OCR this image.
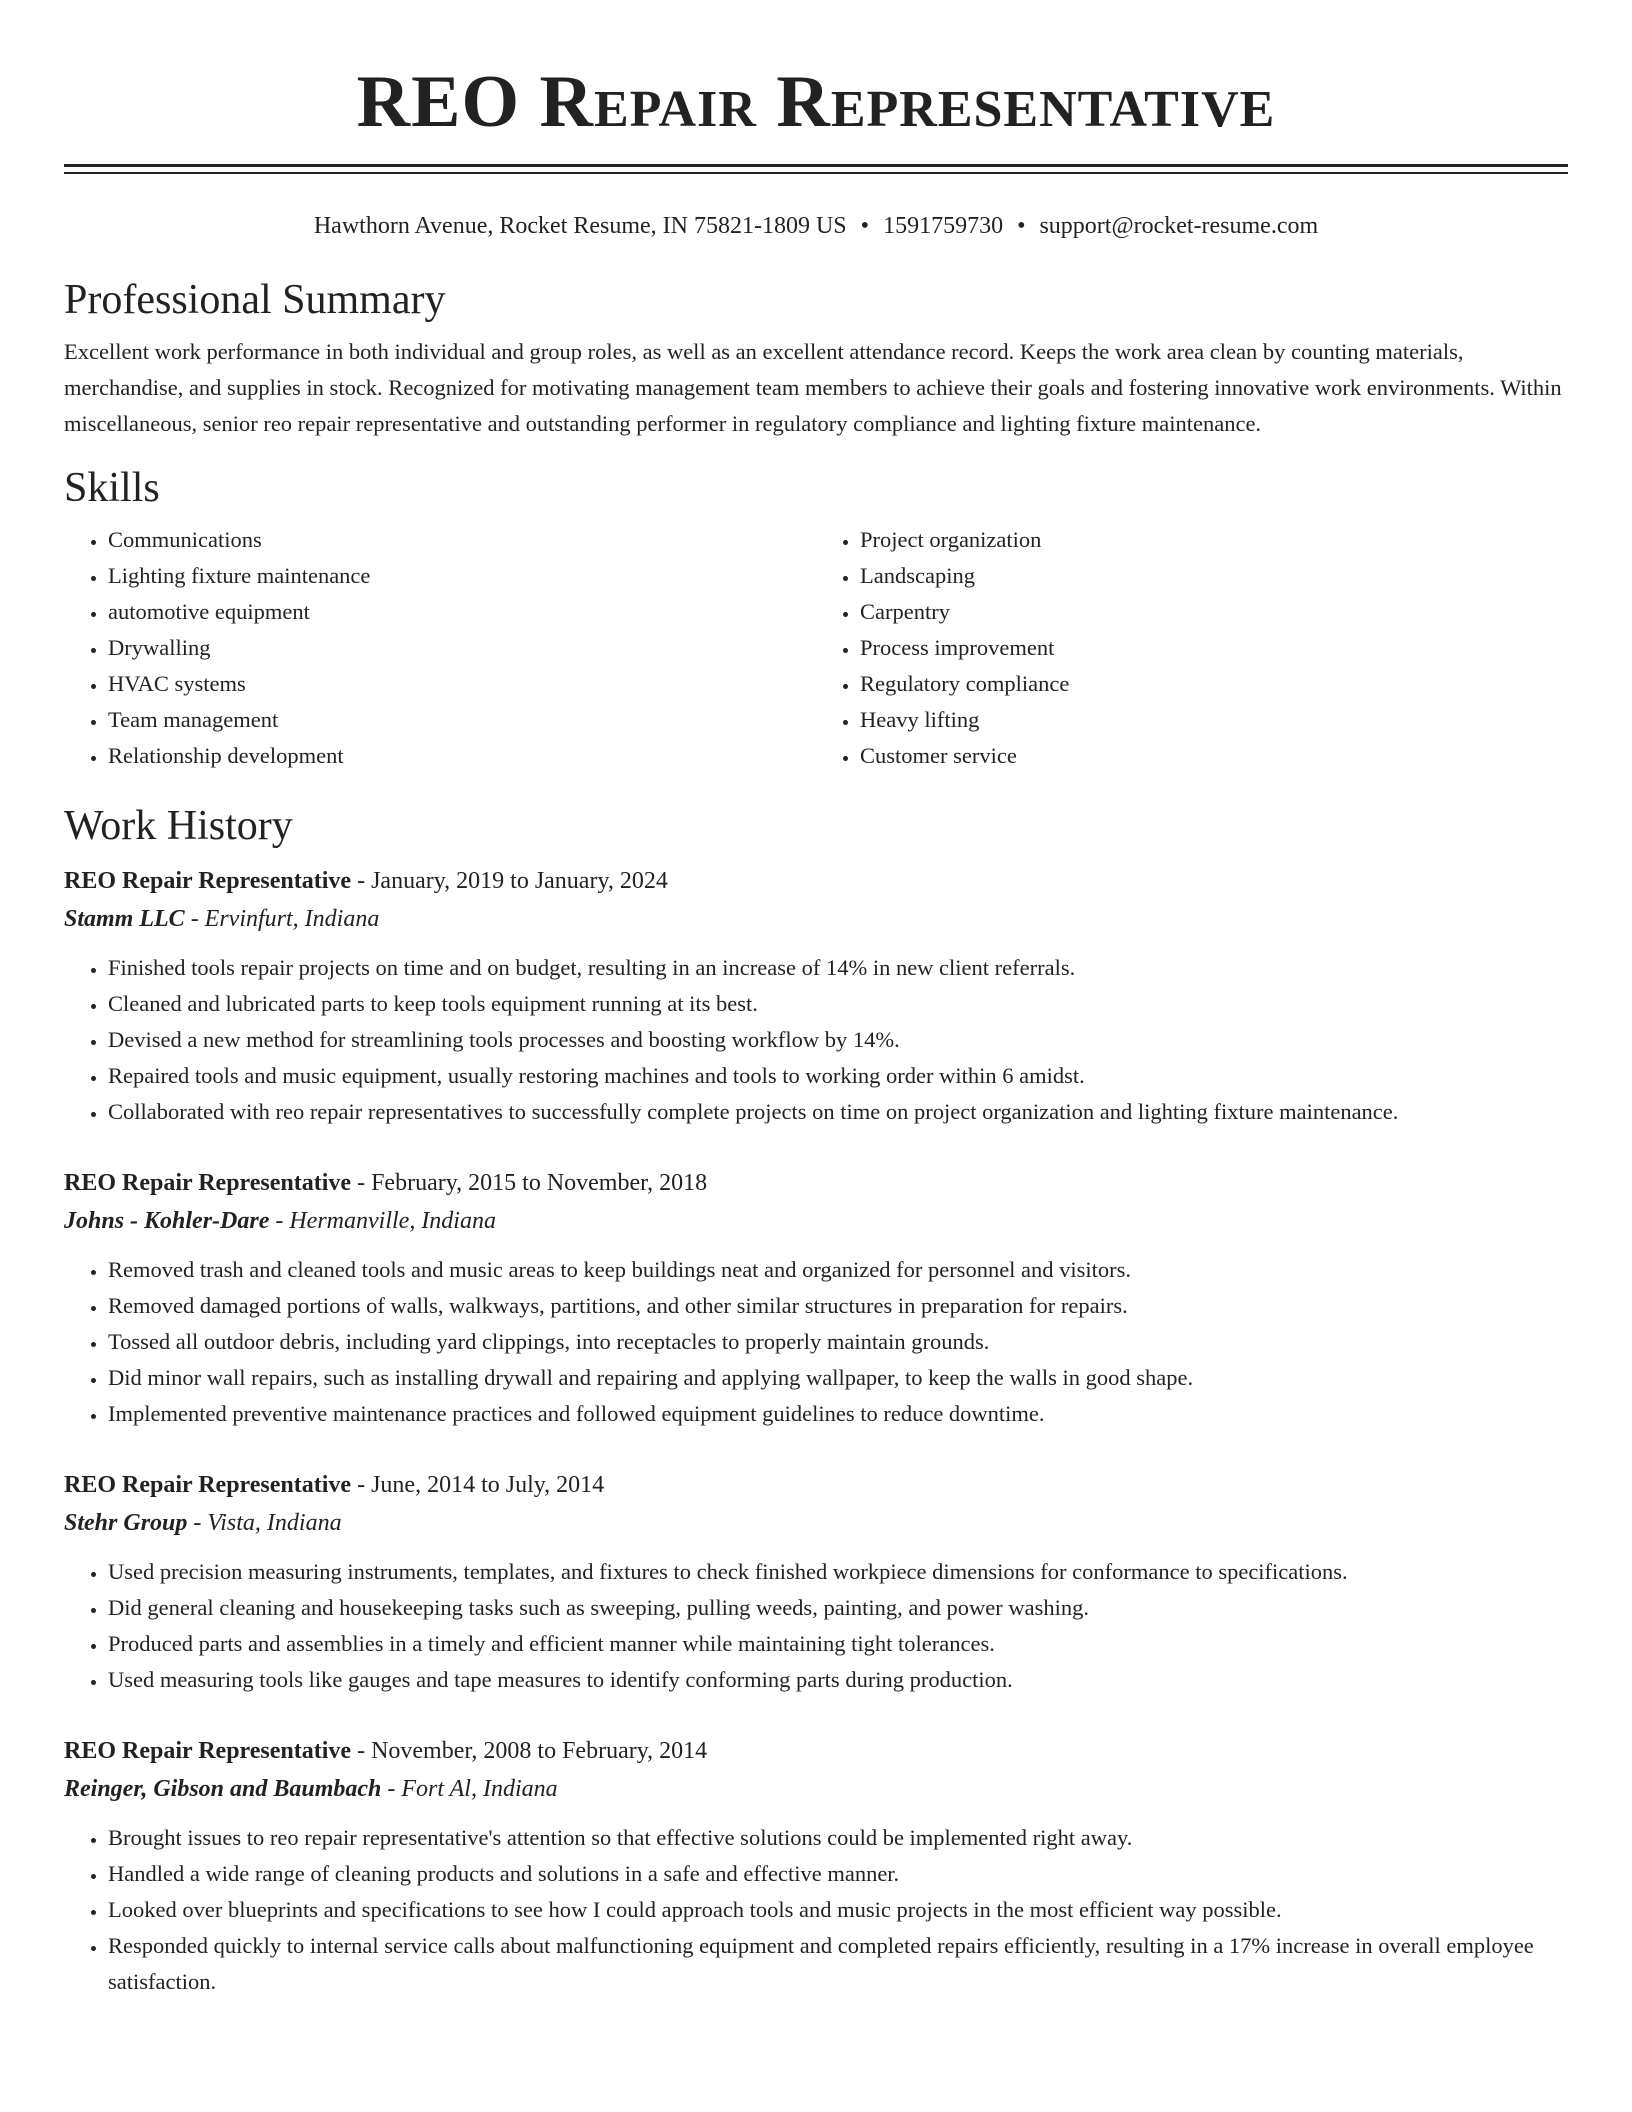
REO Repair Representative
Hawthorn Avenue, Rocket Resume, IN 75821-1809 US • 1591759730 • support@rocket-resume.com
Professional Summary
Excellent work performance in both individual and group roles, as well as an excellent attendance record. Keeps the work area clean by counting materials, merchandise, and supplies in stock. Recognized for motivating management team members to achieve their goals and fostering innovative work environments. Within miscellaneous, senior reo repair representative and outstanding performer in regulatory compliance and lighting fixture maintenance.
Skills
• Communications
• Lighting fixture maintenance
• automotive equipment
• Drywalling
• HVAC systems
• Team management
• Relationship development
• Project organization
• Landscaping
• Carpentry
• Process improvement
• Regulatory compliance
• Heavy lifting
• Customer service
Work History
REO Repair Representative - January, 2019 to January, 2024
Stamm LLC - Ervinfurt, Indiana
• Finished tools repair projects on time and on budget, resulting in an increase of 14% in new client referrals.
• Cleaned and lubricated parts to keep tools equipment running at its best.
• Devised a new method for streamlining tools processes and boosting workflow by 14%.
• Repaired tools and music equipment, usually restoring machines and tools to working order within 6 amidst.
• Collaborated with reo repair representatives to successfully complete projects on time on project organization and lighting fixture maintenance.
REO Repair Representative - February, 2015 to November, 2018
Johns - Kohler-Dare - Hermanville, Indiana
• Removed trash and cleaned tools and music areas to keep buildings neat and organized for personnel and visitors.
• Removed damaged portions of walls, walkways, partitions, and other similar structures in preparation for repairs.
• Tossed all outdoor debris, including yard clippings, into receptacles to properly maintain grounds.
• Did minor wall repairs, such as installing drywall and repairing and applying wallpaper, to keep the walls in good shape.
• Implemented preventive maintenance practices and followed equipment guidelines to reduce downtime.
REO Repair Representative - June, 2014 to July, 2014
Stehr Group - Vista, Indiana
• Used precision measuring instruments, templates, and fixtures to check finished workpiece dimensions for conformance to specifications.
• Did general cleaning and housekeeping tasks such as sweeping, pulling weeds, painting, and power washing.
• Produced parts and assemblies in a timely and efficient manner while maintaining tight tolerances.
• Used measuring tools like gauges and tape measures to identify conforming parts during production.
REO Repair Representative - November, 2008 to February, 2014
Reinger, Gibson and Baumbach - Fort Al, Indiana
• Brought issues to reo repair representative's attention so that effective solutions could be implemented right away.
• Handled a wide range of cleaning products and solutions in a safe and effective manner.
• Looked over blueprints and specifications to see how I could approach tools and music projects in the most efficient way possible.
• Responded quickly to internal service calls about malfunctioning equipment and completed repairs efficiently, resulting in a 17% increase in overall employee satisfaction.
